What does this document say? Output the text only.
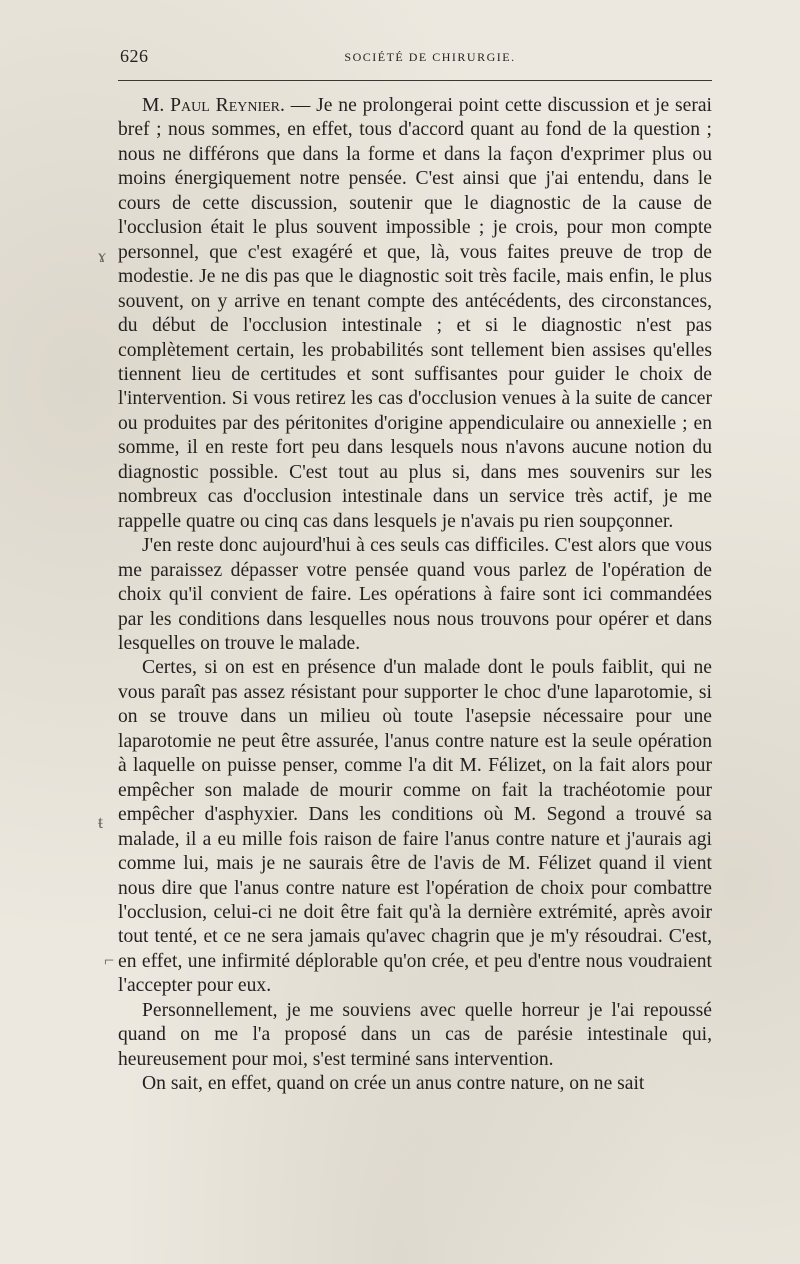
626	SOCIÉTÉ DE CHIRURGIE.
ɤ
ŧ
⌐

M. Paul Reynier. — Je ne prolongerai point cette discussion et je serai bref ; nous sommes, en effet, tous d'accord quant au fond de la question ; nous ne différons que dans la forme et dans la façon d'exprimer plus ou moins énergiquement notre pensée. C'est ainsi que j'ai entendu, dans le cours de cette discussion, soutenir que le diagnostic de la cause de l'occlusion était le plus souvent impossible ; je crois, pour mon compte personnel, que c'est exagéré et que, là, vous faites preuve de trop de modestie. Je ne dis pas que le diagnostic soit très facile, mais enfin, le plus souvent, on y arrive en tenant compte des antécédents, des circonstances, du début de l'occlusion intestinale ; et si le diagnostic n'est pas complètement certain, les probabilités sont tellement bien assises qu'elles tiennent lieu de certitudes et sont suffisantes pour guider le choix de l'intervention. Si vous retirez les cas d'occlusion venues à la suite de cancer ou produites par des péritonites d'origine appendiculaire ou annexielle ; en somme, il en reste fort peu dans lesquels nous n'avons aucune notion du diagnostic possible. C'est tout au plus si, dans mes souvenirs sur les nombreux cas d'occlusion intestinale dans un service très actif, je me rappelle quatre ou cinq cas dans lesquels je n'avais pu rien soupçonner.

J'en reste donc aujourd'hui à ces seuls cas difficiles. C'est alors que vous me paraissez dépasser votre pensée quand vous parlez de l'opération de choix qu'il convient de faire. Les opérations à faire sont ici commandées par les conditions dans lesquelles nous nous trouvons pour opérer et dans lesquelles on trouve le malade.

Certes, si on est en présence d'un malade dont le pouls faiblit, qui ne vous paraît pas assez résistant pour supporter le choc d'une laparotomie, si on se trouve dans un milieu où toute l'asepsie nécessaire pour une laparotomie ne peut être assurée, l'anus contre nature est la seule opération à laquelle on puisse penser, comme l'a dit M. Félizet, on la fait alors pour empêcher son malade de mourir comme on fait la trachéotomie pour empêcher d'asphyxier. Dans les conditions où M. Segond a trouvé sa malade, il a eu mille fois raison de faire l'anus contre nature et j'aurais agi comme lui, mais je ne saurais être de l'avis de M. Félizet quand il vient nous dire que l'anus contre nature est l'opération de choix pour combattre l'occlusion, celui-ci ne doit être fait qu'à la dernière extrémité, après avoir tout tenté, et ce ne sera jamais qu'avec chagrin que je m'y résoudrai. C'est, en effet, une infirmité déplorable qu'on crée, et peu d'entre nous voudraient l'accepter pour eux.

Personnellement, je me souviens avec quelle horreur je l'ai repoussé quand on me l'a proposé dans un cas de parésie intestinale qui, heureusement pour moi, s'est terminé sans intervention.

On sait, en effet, quand on crée un anus contre nature, on ne sait
